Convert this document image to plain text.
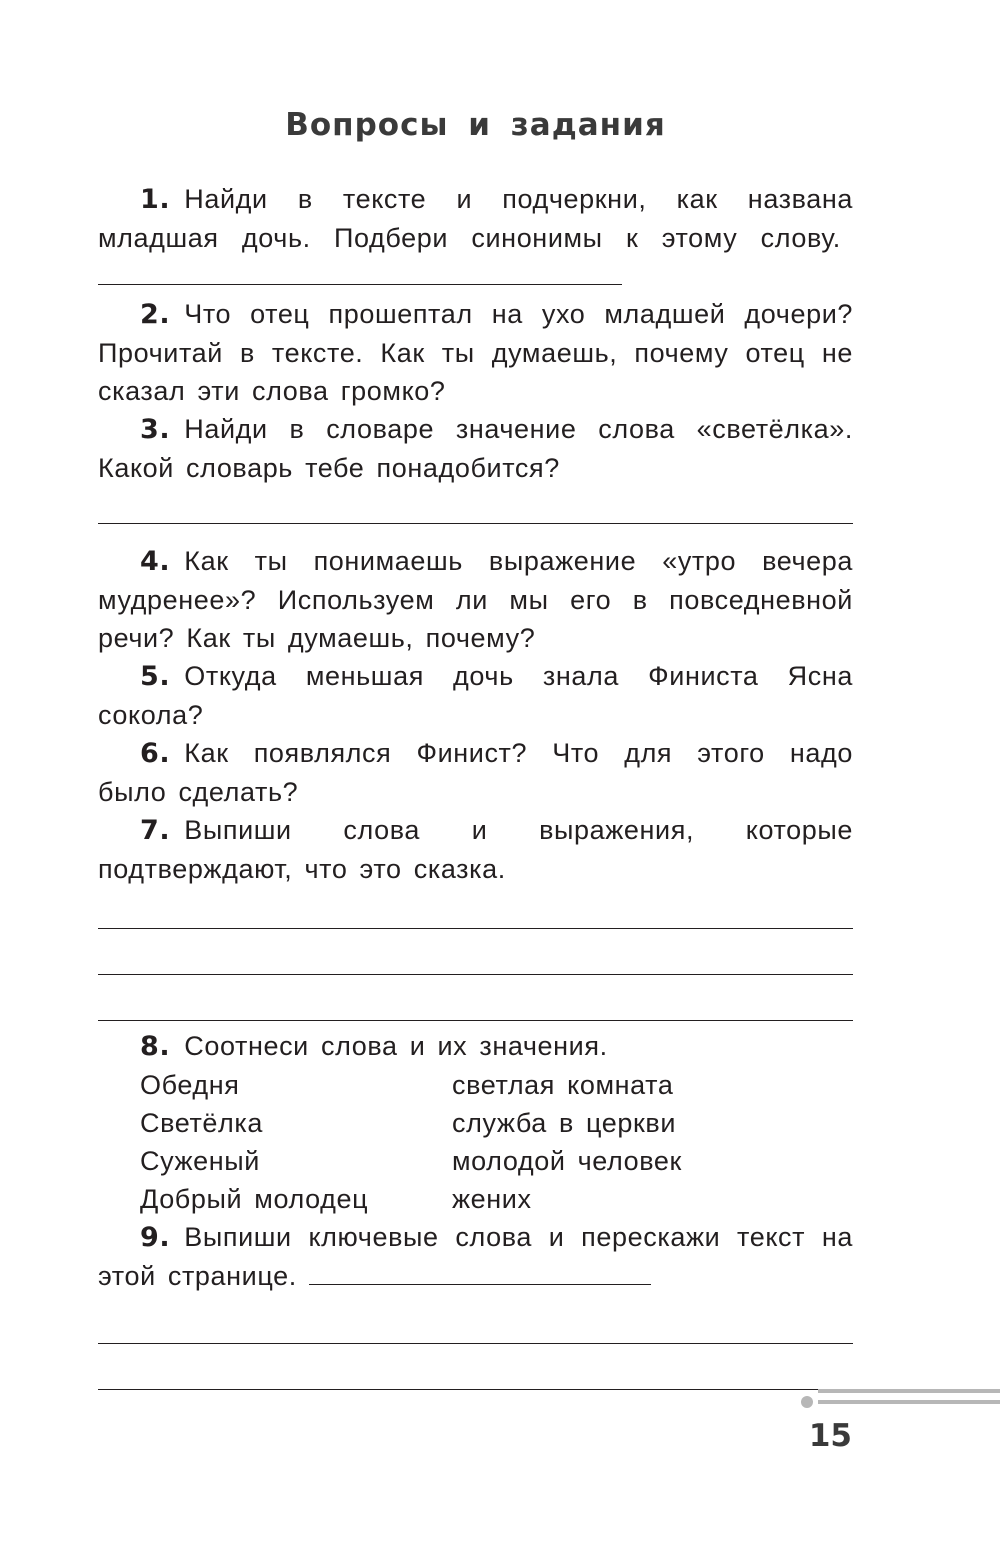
Вопросы и задания

1. Найди в тексте и подчеркни, как названа младшая дочь. Подбери синонимы к этому слову.

2. Что отец прошептал на ухо младшей дочери? Прочитай в тексте. Как ты думаешь, почему отец не сказал эти слова громко?

3. Найди в словаре значение слова «светёлка». Какой словарь тебе понадобится?

4. Как ты понимаешь выражение «утро вечера мудренее»? Используем ли мы его в повседневной речи? Как ты думаешь, почему?

5. Откуда меньшая дочь знала Финиста Ясна сокола?

6. Как появлялся Финист? Что для этого надо было сделать?

7. Выпиши слова и выражения, которые подтверждают, что это сказка.

8. Соотнеси слова и их значения.

Обедня	светлая комната
Светёлка	служба в церкви
Суженый	молодой человек
Добрый молодец	жених

9. Выпиши ключевые слова и перескажи текст на этой странице.

15
